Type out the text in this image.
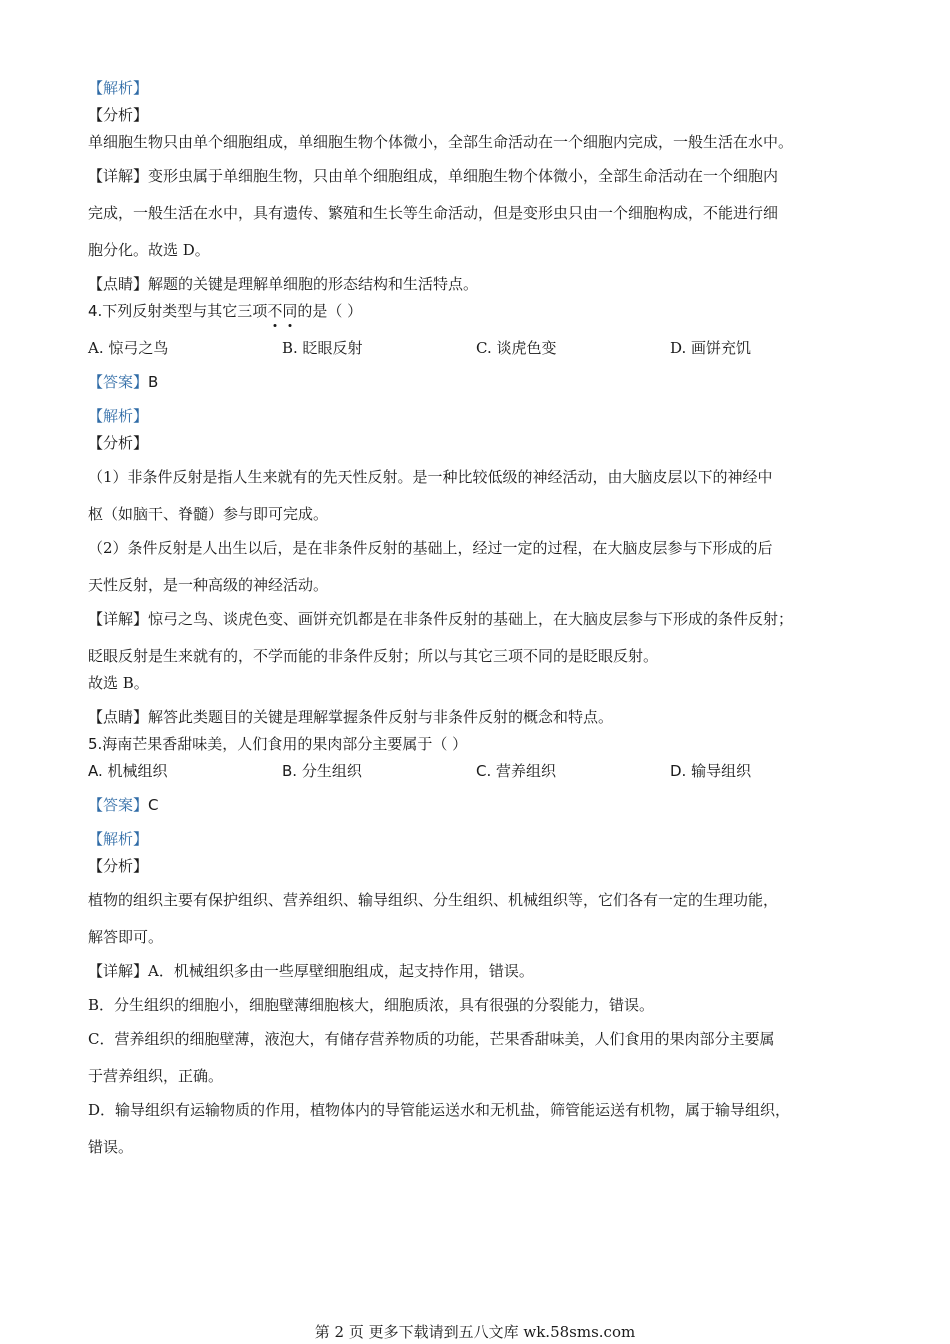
【解析】

【分析】

单细胞生物只由单个细胞组成，单细胞生物个体微小，全部生命活动在一个细胞内完成，一般生活在水中。

【详解】变形虫属于单细胞生物，只由单个细胞组成，单细胞生物个体微小，全部生命活动在一个细胞内

完成，一般生活在水中，具有遗传、繁殖和生长等生命活动，但是变形虫只由一个细胞构成，不能进行细

胞分化。故选 D。

【点睛】解题的关键是理解单细胞的形态结构和生活特点。

4.下列反射类型与其它三项不同的是（ ）

A. 惊弓之鸟	B. 眨眼反射	C. 谈虎色变	D. 画饼充饥

【答案】B

【解析】

【分析】

（1）非条件反射是指人生来就有的先天性反射。是一种比较低级的神经活动，由大脑皮层以下的神经中

枢（如脑干、脊髓）参与即可完成。

（2）条件反射是人出生以后，是在非条件反射的基础上，经过一定的过程，在大脑皮层参与下形成的后

天性反射，是一种高级的神经活动。

【详解】惊弓之鸟、谈虎色变、画饼充饥都是在非条件反射的基础上，在大脑皮层参与下形成的条件反射；

眨眼反射是生来就有的，不学而能的非条件反射；所以与其它三项不同的是眨眼反射。

故选 B。

【点睛】解答此类题目的关键是理解掌握条件反射与非条件反射的概念和特点。

5.海南芒果香甜味美，人们食用的果肉部分主要属于（ ）

A. 机械组织	B. 分生组织	C. 营养组织	D. 输导组织

【答案】C

【解析】

【分析】

植物的组织主要有保护组织、营养组织、输导组织、分生组织、机械组织等，它们各有一定的生理功能，

解答即可。

【详解】A．机械组织多由一些厚壁细胞组成，起支持作用，错误。

B．分生组织的细胞小，细胞壁薄细胞核大，细胞质浓，具有很强的分裂能力，错误。

C．营养组织的细胞壁薄，液泡大，有储存营养物质的功能，芒果香甜味美，人们食用的果肉部分主要属

于营养组织，正确。

D．输导组织有运输物质的作用，植物体内的导管能运送水和无机盐，筛管能运送有机物，属于输导组织，

错误。

第 2 页 更多下载请到五八文库 wk.58sms.com
